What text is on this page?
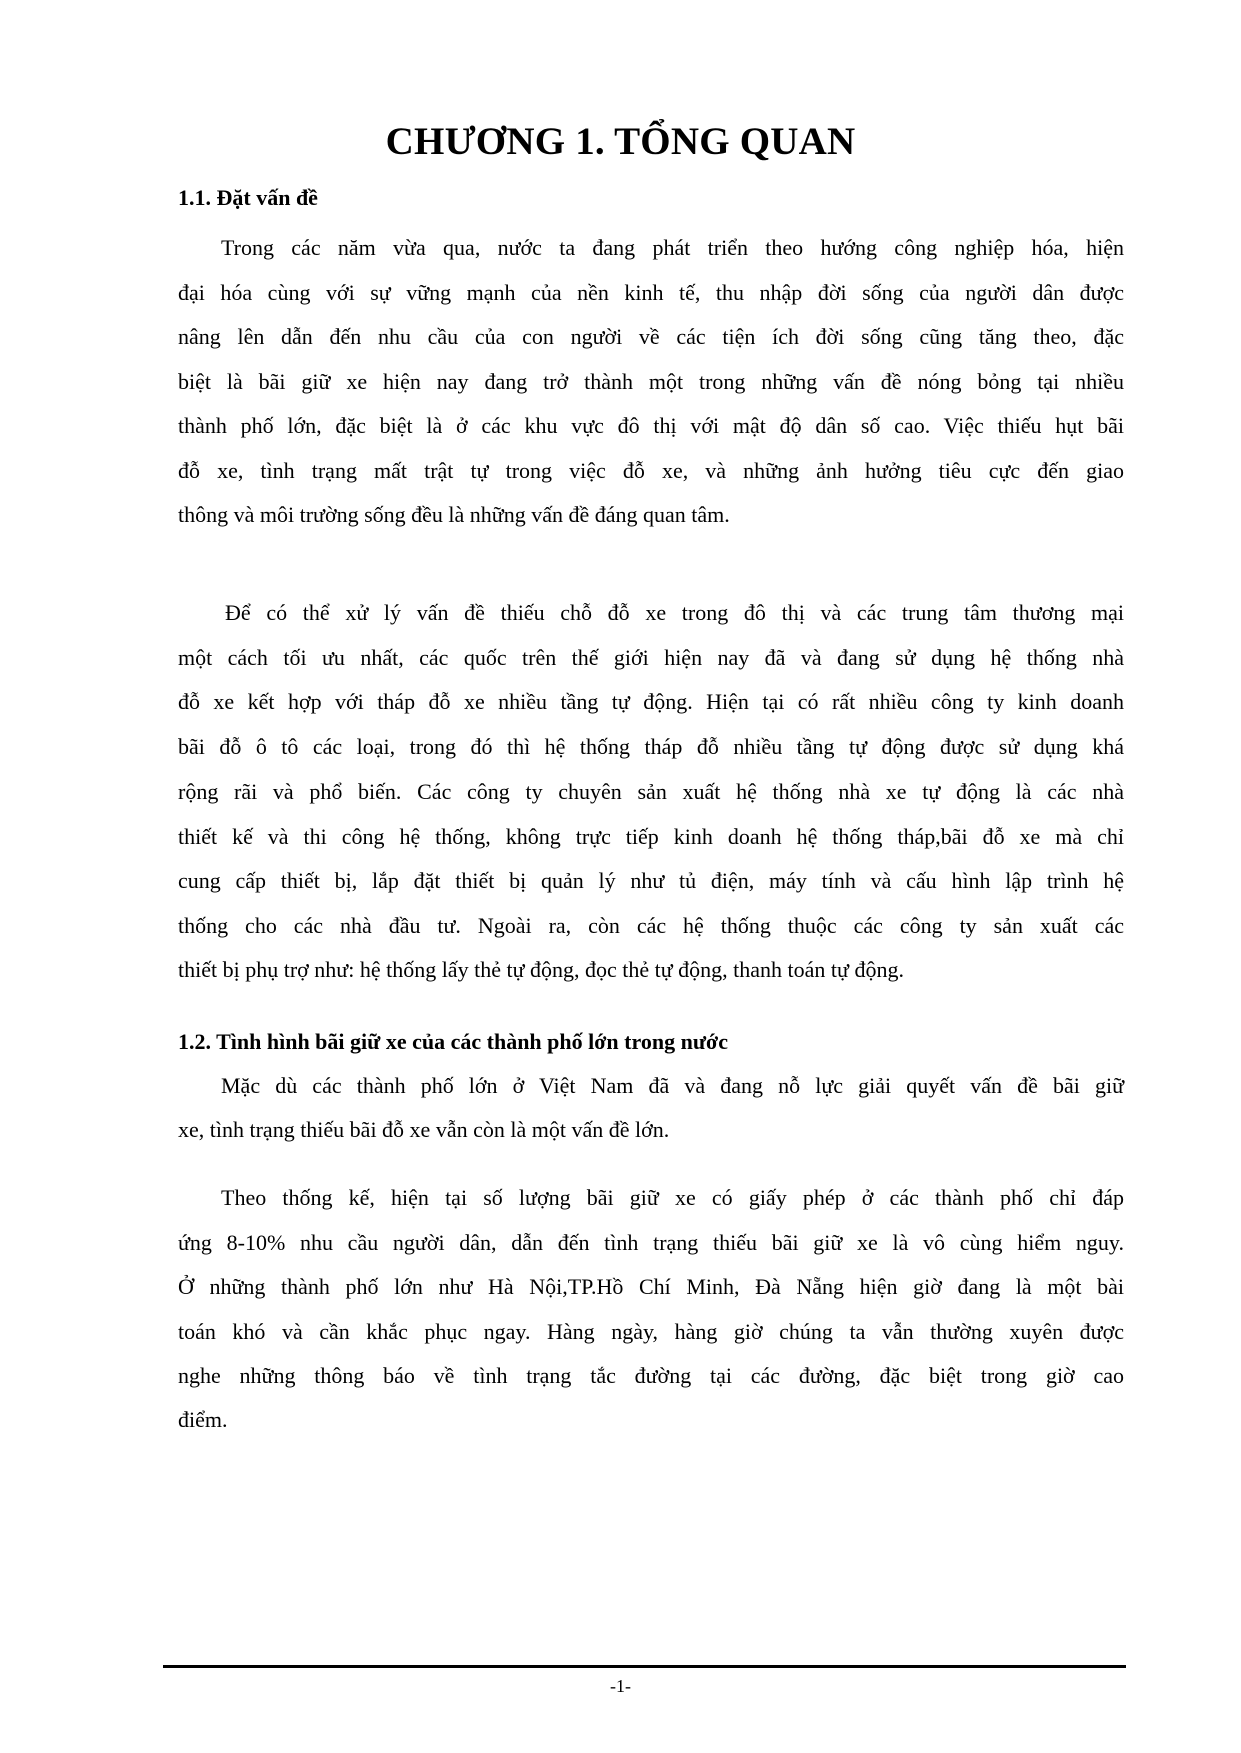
CHƯƠNG 1. TỔNG QUAN
1.1. Đặt vấn đề
Trong các năm vừa qua, nước ta đang phát triển theo hướng công nghiệp hóa, hiện
đại hóa cùng với sự vững mạnh của nền kinh tế, thu nhập đời sống của người dân được
nâng lên dẫn đến nhu cầu của con người về các tiện ích đời sống cũng tăng theo, đặc
biệt là bãi giữ xe hiện nay đang trở thành một trong những vấn đề nóng bỏng tại nhiều
thành phố lớn, đặc biệt là ở các khu vực đô thị với mật độ dân số cao. Việc thiếu hụt bãi
đỗ xe, tình trạng mất trật tự trong việc đỗ xe, và những ảnh hưởng tiêu cực đến giao
thông và môi trường sống đều là những vấn đề đáng quan tâm.
Để có thể xử lý vấn đề thiếu chỗ đỗ xe trong đô thị và các trung tâm thương mại
một cách tối ưu nhất, các quốc trên thế giới hiện nay đã và đang sử dụng hệ thống nhà
đỗ xe kết hợp với tháp đỗ xe nhiều tầng tự động. Hiện tại có rất nhiều công ty kinh doanh
bãi đỗ ô tô các loại, trong đó thì hệ thống tháp đỗ nhiều tầng tự động được sử dụng khá
rộng rãi và phổ biến. Các công ty chuyên sản xuất hệ thống nhà xe tự động là các nhà
thiết kế và thi công hệ thống, không trực tiếp kinh doanh hệ thống tháp,bãi đỗ xe mà chỉ
cung cấp thiết bị, lắp đặt thiết bị quản lý như tủ điện, máy tính và cấu hình lập trình hệ
thống cho các nhà đầu tư. Ngoài ra, còn các hệ thống thuộc các công ty sản xuất các
thiết bị phụ trợ như: hệ thống lấy thẻ tự động, đọc thẻ tự động, thanh toán tự động.
1.2. Tình hình bãi giữ xe của các thành phố lớn trong nước
Mặc dù các thành phố lớn ở Việt Nam đã và đang nỗ lực giải quyết vấn đề bãi giữ
xe, tình trạng thiếu bãi đỗ xe vẫn còn là một vấn đề lớn.
Theo thống kế, hiện tại số lượng bãi giữ xe có giấy phép ở các thành phố chỉ đáp
ứng 8-10% nhu cầu người dân, dẫn đến tình trạng thiếu bãi giữ xe là vô cùng hiểm nguy.
Ở những thành phố lớn như Hà Nội,TP.Hồ Chí Minh, Đà Nẵng hiện giờ đang là một bài
toán khó và cần khắc phục ngay. Hàng ngày, hàng giờ chúng ta vẫn thường xuyên được
nghe những thông báo về tình trạng tắc đường tại các đường, đặc biệt trong giờ cao
điểm.
-1-
